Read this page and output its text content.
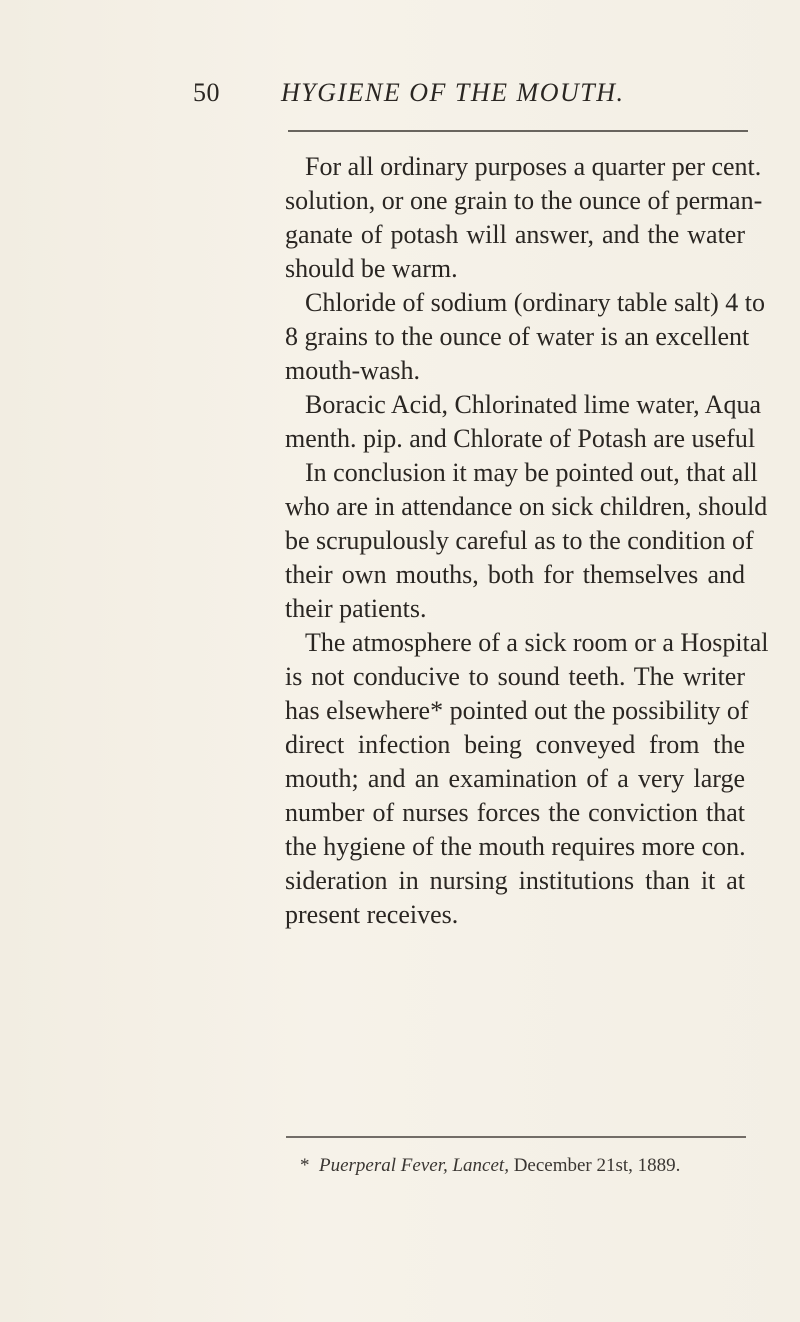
50 HYGIENE OF THE MOUTH.
For all ordinary purposes a quarter per cent.
solution, or one grain to the ounce of perman-
ganate of potash will answer, and the water
should be warm.
Chloride of sodium (ordinary table salt) 4 to
8 grains to the ounce of water is an excellent
mouth-wash.
Boracic Acid, Chlorinated lime water, Aqua
menth. pip. and Chlorate of Potash are useful
In conclusion it may be pointed out, that all
who are in attendance on sick children, should
be scrupulously careful as to the condition of
their own mouths, both for themselves and
their patients.
The atmosphere of a sick room or a Hospital
is not conducive to sound teeth. The writer
has elsewhere* pointed out the possibility of
direct infection being conveyed from the
mouth; and an examination of a very large
number of nurses forces the conviction that
the hygiene of the mouth requires more con.
sideration in nursing institutions than it at
present receives.
* Puerperal Fever, Lancet, December 21st, 1889.
